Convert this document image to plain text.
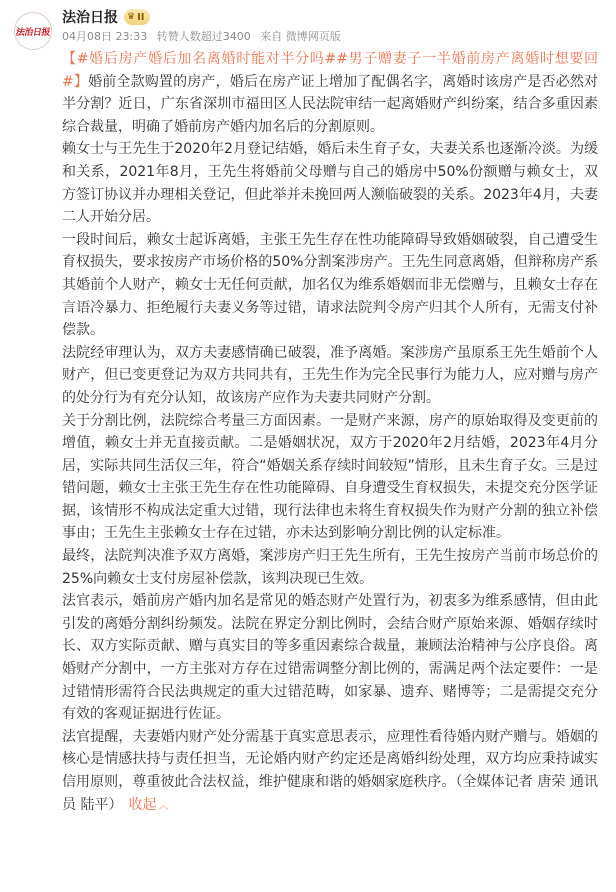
法治日报
法治日报 ♛ II
04月08日 23:33 转赞人数超过3400 来自 微博网页版

【#婚后房产婚后加名离婚时能对半分吗##男子赠妻子一半婚前房产离婚时想要回#】婚前全款购置的房产，婚后在房产证上增加了配偶名字，离婚时该房产是否必然对半分割？近日，广东省深圳市福田区人民法院审结一起离婚财产纠纷案，结合多重因素综合裁量，明确了婚前房产婚内加名后的分割原则。

赖女士与王先生于2020年2月登记结婚，婚后未生育子女，夫妻关系也逐渐冷淡。为缓和关系，2021年8月，王先生将婚前父母赠与自己的婚房中50%份额赠与赖女士，双方签订协议并办理相关登记，但此举并未挽回两人濒临破裂的关系。2023年4月，夫妻二人开始分居。

一段时间后，赖女士起诉离婚，主张王先生存在性功能障碍导致婚姻破裂，自己遭受生育权损失，要求按房产市场价格的50%分割案涉房产。王先生同意离婚，但辩称房产系其婚前个人财产，赖女士无任何贡献，加名仅为维系婚姻而非无偿赠与，且赖女士存在言语冷暴力、拒绝履行夫妻义务等过错，请求法院判令房产归其个人所有，无需支付补偿款。

法院经审理认为，双方夫妻感情确已破裂，准予离婚。案涉房产虽原系王先生婚前个人财产，但已变更登记为双方共同共有，王先生作为完全民事行为能力人，应对赠与房产的处分行为有充分认知，故该房产应作为夫妻共同财产分割。

关于分割比例，法院综合考量三方面因素。一是财产来源，房产的原始取得及变更前的增值，赖女士并无直接贡献。二是婚姻状况，双方于2020年2月结婚，2023年4月分居，实际共同生活仅三年，符合“婚姻关系存续时间较短”情形，且未生育子女。三是过错问题，赖女士主张王先生存在性功能障碍、自身遭受生育权损失，未提交充分医学证据，该情形不构成法定重大过错，现行法律也未将生育权损失作为财产分割的独立补偿事由；王先生主张赖女士存在过错，亦未达到影响分割比例的认定标准。

最终，法院判决准予双方离婚，案涉房产归王先生所有，王先生按房产当前市场总价的25%向赖女士支付房屋补偿款，该判决现已生效。

法官表示，婚前房产婚内加名是常见的婚态财产处置行为，初衷多为维系感情，但由此引发的离婚分割纠纷频发。法院在界定分割比例时，会结合财产原始来源、婚姻存续时长、双方实际贡献、赠与真实目的等多重因素综合裁量，兼顾法治精神与公序良俗。离婚财产分割中，一方主张对方存在过错需调整分割比例的，需满足两个法定要件：一是过错情形需符合民法典规定的重大过错范畴，如家暴、遗弃、赌博等；二是需提交充分有效的客观证据进行佐证。

法官提醒，夫妻婚内财产处分需基于真实意思表示，应理性看待婚内财产赠与。婚姻的核心是情感扶持与责任担当，无论婚内财产约定还是离婚纠纷处理，双方均应秉持诚实信用原则，尊重彼此合法权益，维护健康和谐的婚姻家庭秩序。（全媒体记者 唐荣 通讯员 陆平） 收起 ︿
